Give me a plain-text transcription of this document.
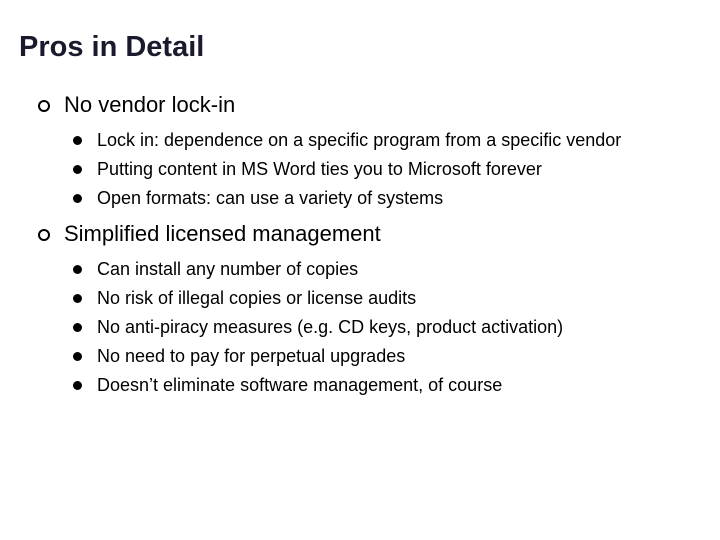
Pros in Detail
No vendor lock-in
Lock in: dependence on a specific program from a specific vendor
Putting content in MS Word ties you to Microsoft forever
Open formats: can use a variety of systems
Simplified licensed management
Can install any number of copies
No risk of illegal copies or license audits
No anti-piracy measures (e.g. CD keys, product activation)
No need to pay for perpetual upgrades
Doesn’t eliminate software management, of course
